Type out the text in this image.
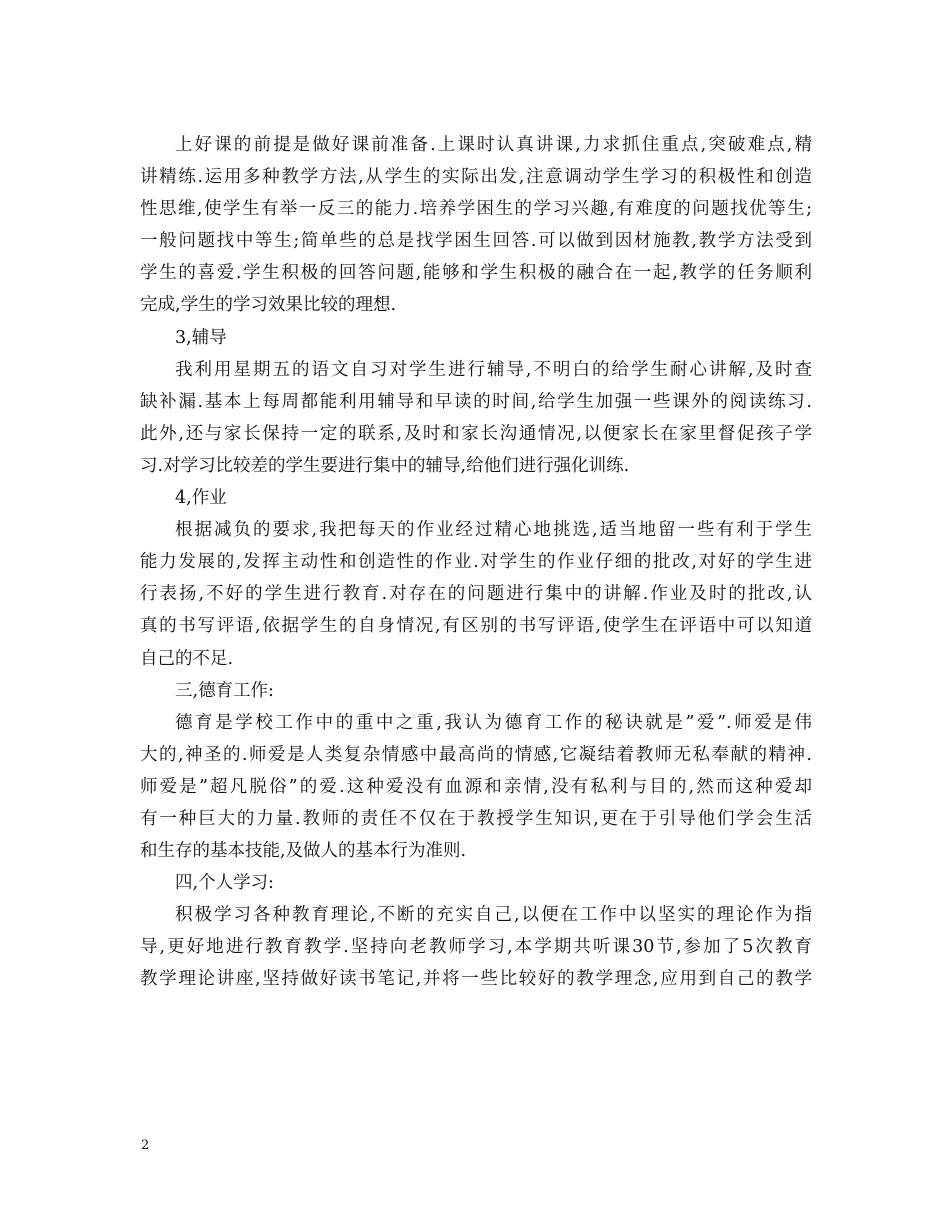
上好课的前提是做好课前准备.上课时认真讲课,力求抓住重点,突破难点,精
讲精练.运用多种教学方法,从学生的实际出发,注意调动学生学习的积极性和创造
性思维,使学生有举一反三的能力.培养学困生的学习兴趣,有难度的问题找优等生;
一般问题找中等生;简单些的总是找学困生回答.可以做到因材施教,教学方法受到
学生的喜爱.学生积极的回答问题,能够和学生积极的融合在一起,教学的任务顺利
完成,学生的学习效果比较的理想.
3,辅导
我利用星期五的语文自习对学生进行辅导,不明白的给学生耐心讲解,及时查
缺补漏.基本上每周都能利用辅导和早读的时间,给学生加强一些课外的阅读练习.
此外,还与家长保持一定的联系,及时和家长沟通情况,以便家长在家里督促孩子学
习.对学习比较差的学生要进行集中的辅导,给他们进行强化训练.
4,作业
根据减负的要求,我把每天的作业经过精心地挑选,适当地留一些有利于学生
能力发展的,发挥主动性和创造性的作业.对学生的作业仔细的批改,对好的学生进
行表扬,不好的学生进行教育.对存在的问题进行集中的讲解.作业及时的批改,认
真的书写评语,依据学生的自身情况,有区别的书写评语,使学生在评语中可以知道
自己的不足.
三,德育工作:
德育是学校工作中的重中之重,我认为德育工作的秘诀就是”爱”.师爱是伟
大的,神圣的.师爱是人类复杂情感中最高尚的情感,它凝结着教师无私奉献的精神.
师爱是”超凡脱俗”的爱.这种爱没有血源和亲情,没有私利与目的,然而这种爱却
有一种巨大的力量.教师的责任不仅在于教授学生知识,更在于引导他们学会生活
和生存的基本技能,及做人的基本行为准则.
四,个人学习:
积极学习各种教育理论,不断的充实自己,以便在工作中以坚实的理论作为指
导,更好地进行教育教学.坚持向老教师学习,本学期共听课30节,参加了5次教育
教学理论讲座,坚持做好读书笔记,并将一些比较好的教学理念,应用到自己的教学
2
